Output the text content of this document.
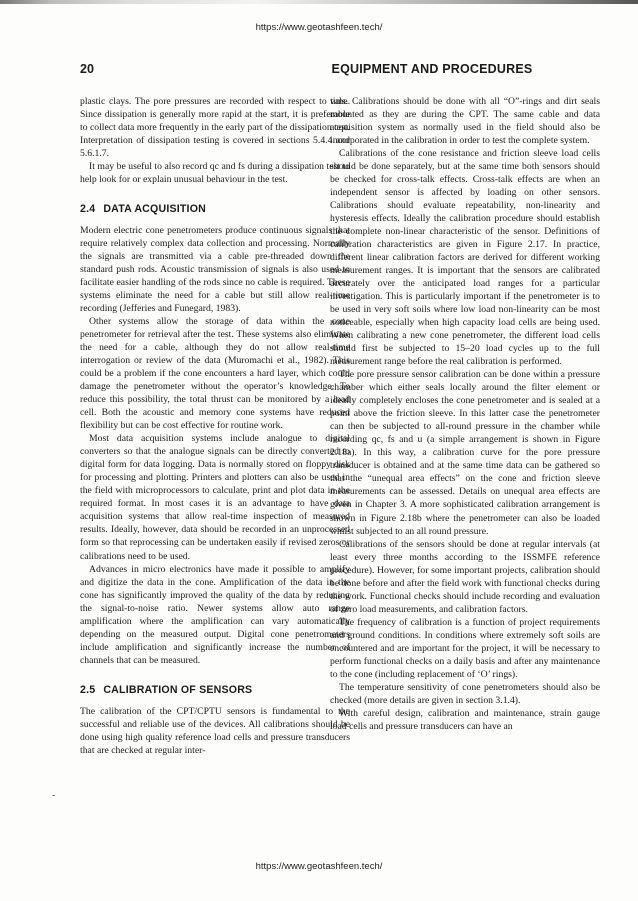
https://www.geotashfeen.tech/
20	EQUIPMENT AND PROCEDURES

plastic clays. The pore pressures are recorded with respect to time. Since dissipation is generally more rapid at the start, it is preferable to collect data more frequently in the early part of the dissipation test. Interpretation of dissipation testing is covered in sections 5.4.4 and 5.6.1.7.

It may be useful to also record qc and fs during a dissipation test to help look for or explain unusual behaviour in the test.

2.4 DATA ACQUISITION

Modern electric cone penetrometers produce continuous signals that require relatively complex data collection and processing. Normally the signals are transmitted via a cable pre-threaded down the standard push rods. Acoustic transmission of signals is also used to facilitate easier handling of the rods since no cable is required. These systems eliminate the need for a cable but still allow real-time recording (Jefferies and Funegard, 1983).

Other systems allow the storage of data within the cone penetrometer for retrieval after the test. These systems also eliminate the need for a cable, although they do not allow real-time interrogation or review of the data (Muromachi et al., 1982). This could be a problem if the cone encounters a hard layer, which could damage the penetrometer without the operator’s knowledge. To reduce this possibility, the total thrust can be monitored by a load cell. Both the acoustic and memory cone systems have reduced flexibility but can be cost effective for routine work.

Most data acquisition systems include analogue to digital converters so that the analogue signals can be directly converted to digital form for data logging. Data is normally stored on floppy disk for processing and plotting. Printers and plotters can also be used in the field with microprocessors to calculate, print and plot data in the required format. In most cases it is an advantage to have data acquisition systems that allow real-time inspection of measured results. Ideally, however, data should be recorded in an unprocessed form so that reprocessing can be undertaken easily if revised zeros or calibrations need to be used.

Advances in micro electronics have made it possible to amplify and digitize the data in the cone. Amplification of the data in the cone has significantly improved the quality of the data by reducing the signal-to-noise ratio. Newer systems allow auto range amplification where the amplification can vary automatically depending on the measured output. Digital cone penetrometers include amplification and significantly increase the number of channels that can be measured.

2.5 CALIBRATION OF SENSORS

The calibration of the CPT/CPTU sensors is fundamental to the successful and reliable use of the devices. All calibrations should be done using high quality reference load cells and pressure transducers that are checked at regular inter-

vals. Calibrations should be done with all “O”-rings and dirt seals mounted as they are during the CPT. The same cable and data acquisition system as normally used in the field should also be incorporated in the calibration in order to test the complete system.

Calibrations of the cone resistance and friction sleeve load cells should be done separately, but at the same time both sensors should be checked for cross-talk effects. Cross-talk effects are when an independent sensor is affected by loading on other sensors. Calibrations should evaluate repeatability, non-linearity and hysteresis effects. Ideally the calibration procedure should establish the complete non-linear characteristic of the sensor. Definitions of calibration characteristics are given in Figure 2.17. In practice, different linear calibration factors are derived for different working measurement ranges. It is important that the sensors are calibrated accurately over the anticipated load ranges for a particular investigation. This is particularly important if the penetrometer is to be used in very soft soils where low load non-linearity can be most noticeable, especially when high capacity load cells are being used. When calibrating a new cone penetrometer, the different load cells should first be subjected to 15–20 load cycles up to the full measurement range before the real calibration is performed.

The pore pressure sensor calibration can be done within a pressure chamber which either seals locally around the filter element or ideally completely encloses the cone penetrometer and is sealed at a point above the friction sleeve. In this latter case the penetrometer can then be subjected to all-round pressure in the chamber while recording qc, fs and u (a simple arrangement is shown in Figure 2.18a). In this way, a calibration curve for the pore pressure transducer is obtained and at the same time data can be gathered so that the “unequal area effects” on the cone and friction sleeve measurements can be assessed. Details on unequal area effects are given in Chapter 3. A more sophisticated calibration arrangement is shown in Figure 2.18b where the penetrometer can also be loaded whilst subjected to an all round pressure.

Calibrations of the sensors should be done at regular intervals (at least every three months according to the ISSMFE reference procedure). However, for some important projects, calibration should be done before and after the field work with functional checks during the work. Functional checks should include recording and evaluation of zero load measurements, and calibration factors.

The frequency of calibration is a function of project requirements and ground conditions. In conditions where extremely soft soils are encountered and are important for the project, it will be necessary to perform functional checks on a daily basis and after any maintenance to the cone (including replacement of ‘O’ rings).

The temperature sensitivity of cone penetrometers should also be checked (more details are given in section 3.1.4).

With careful design, calibration and maintenance, strain gauge load cells and pressure transducers can have an

-
https://www.geotashfeen.tech/
